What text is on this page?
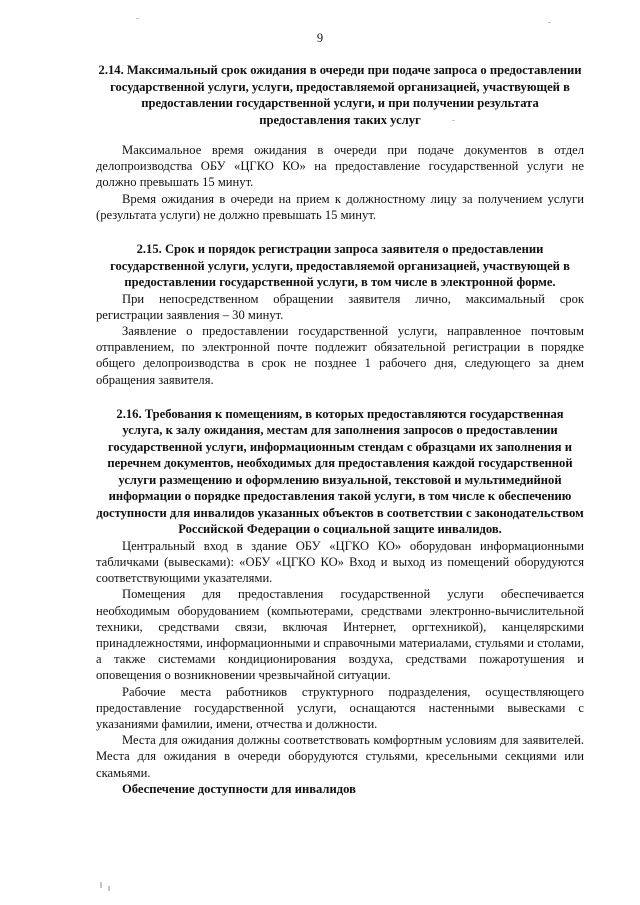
9

2.14. Максимальный срок ожидания в очереди при подаче запроса о предоставлении государственной услуги, услуги, предоставляемой организацией, участвующей в предоставлении государственной услуги, и при получении результата предоставления таких услуг

Максимальное время ожидания в очереди при подаче документов в отдел делопроизводства ОБУ «ЦГКО КО» на предоставление государственной услуги не должно превышать 15 минут.

Время ожидания в очереди на прием к должностному лицу за получением услуги (результата услуги) не должно превышать 15 минут.

2.15. Срок и порядок регистрации запроса заявителя о предоставлении государственной услуги, услуги, предоставляемой организацией, участвующей в предоставлении государственной услуги, в том числе в электронной форме.

При непосредственном обращении заявителя лично, максимальный срок регистрации заявления – 30 минут.

Заявление о предоставлении государственной услуги, направленное почтовым отправлением, по электронной почте подлежит обязательной регистрации в порядке общего делопроизводства в срок не позднее 1 рабочего дня, следующего за днем обращения заявителя.

2.16. Требования к помещениям, в которых предоставляются государственная услуга, к залу ожидания, местам для заполнения запросов о предоставлении государственной услуги, информационным стендам с образцами их заполнения и перечнем документов, необходимых для предоставления каждой государственной услуги размещению и оформлению визуальной, текстовой и мультимедийной информации о порядке предоставления такой услуги, в том числе к обеспечению доступности для инвалидов указанных объектов в соответствии с законодательством Российской Федерации о социальной защите инвалидов.

Центральный вход в здание ОБУ «ЦГКО КО» оборудован информационными табличками (вывесками): «ОБУ «ЦГКО КО» Вход и выход из помещений оборудуются соответствующими указателями.

Помещения для предоставления государственной услуги обеспечивается необходимым оборудованием (компьютерами, средствами электронно-вычислительной техники, средствами связи, включая Интернет, оргтехникой), канцелярскими принадлежностями, информационными и справочными материалами, стульями и столами, а также системами кондиционирования воздуха, средствами пожаротушения и оповещения о возникновении чрезвычайной ситуации.

Рабочие места работников структурного подразделения, осуществляющего предоставление государственной услуги, оснащаются настенными вывесками с указаниями фамилии, имени, отчества и должности.

Места для ожидания должны соответствовать комфортным условиям для заявителей. Места для ожидания в очереди оборудуются стульями, кресельными секциями или скамьями.

Обеспечение доступности для инвалидов
